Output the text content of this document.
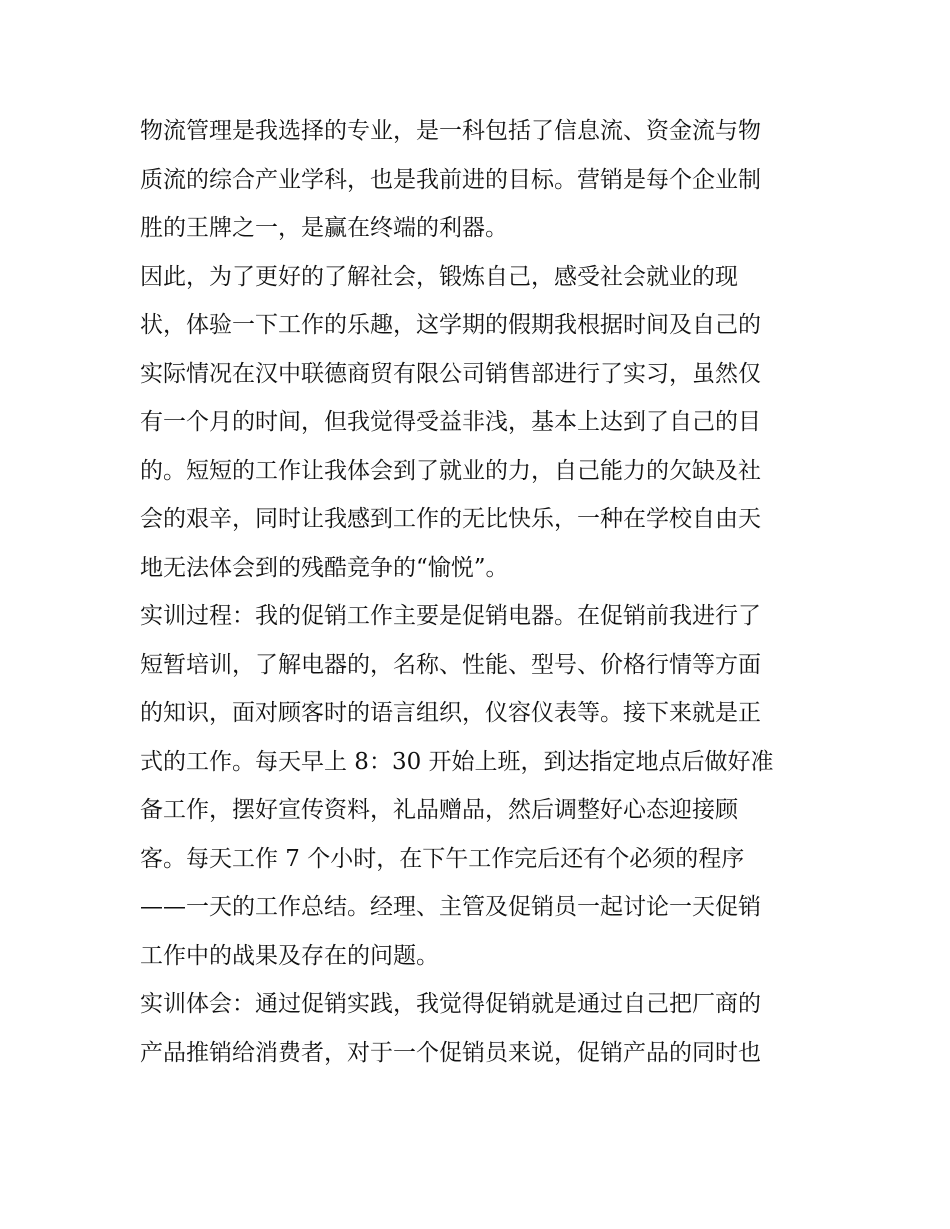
物流管理是我选择的专业，是一科包括了信息流、资金流与物
质流的综合产业学科，也是我前进的目标。营销是每个企业制
胜的王牌之一，是赢在终端的利器。
因此，为了更好的了解社会，锻炼自己，感受社会就业的现
状，体验一下工作的乐趣，这学期的假期我根据时间及自己的
实际情况在汉中联德商贸有限公司销售部进行了实习，虽然仅
有一个月的时间，但我觉得受益非浅，基本上达到了自己的目
的。短短的工作让我体会到了就业的力，自己能力的欠缺及社
会的艰辛，同时让我感到工作的无比快乐，一种在学校自由天
地无法体会到的残酷竞争的“愉悦”。
实训过程：我的促销工作主要是促销电器。在促销前我进行了
短暂培训，了解电器的，名称、性能、型号、价格行情等方面
的知识，面对顾客时的语言组织，仪容仪表等。接下来就是正
式的工作。每天早上 8：30 开始上班，到达指定地点后做好准
备工作，摆好宣传资料，礼品赠品，然后调整好心态迎接顾
客。每天工作 7 个小时，在下午工作完后还有个必须的程序
——一天的工作总结。经理、主管及促销员一起讨论一天促销
工作中的战果及存在的问题。
实训体会：通过促销实践，我觉得促销就是通过自己把厂商的
产品推销给消费者，对于一个促销员来说，促销产品的同时也
